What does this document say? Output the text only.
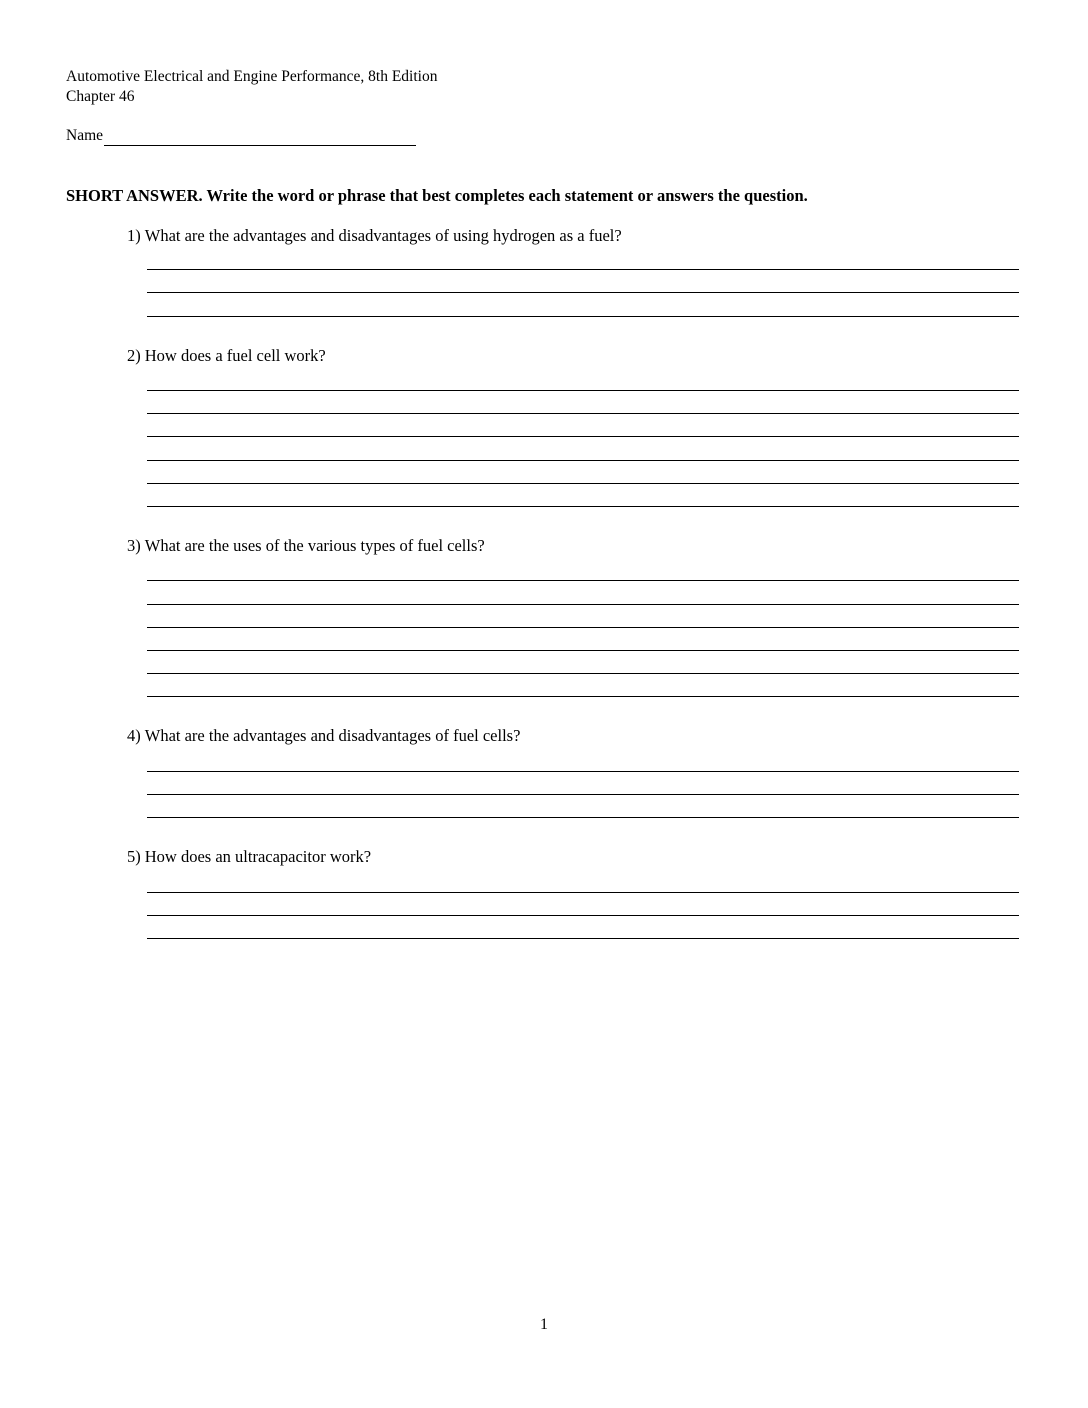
Automotive Electrical and Engine Performance, 8th Edition
Chapter 46
Name
SHORT ANSWER. Write the word or phrase that best completes each statement or answers the question.
1) What are the advantages and disadvantages of using hydrogen as a fuel?
2) How does a fuel cell work?
3) What are the uses of the various types of fuel cells?
4) What are the advantages and disadvantages of fuel cells?
5) How does an ultracapacitor work?
1
